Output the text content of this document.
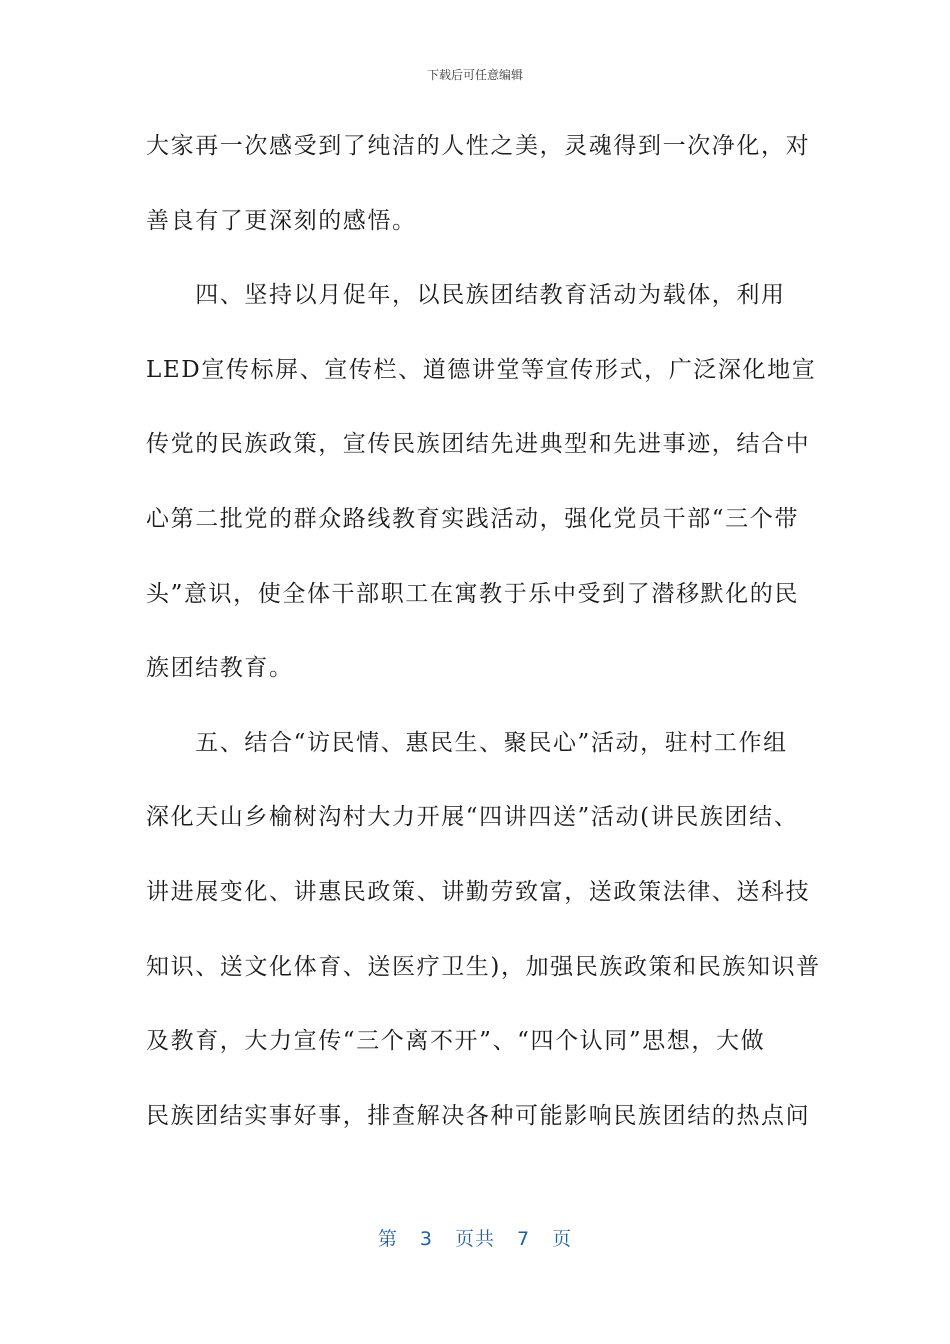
下载后可任意编辑
大家再一次感受到了纯洁的人性之美，灵魂得到一次净化，对
善良有了更深刻的感悟。
　　四、坚持以月促年，以民族团结教育活动为载体，利用
LED宣传标屏、宣传栏、道德讲堂等宣传形式，广泛深化地宣
传党的民族政策，宣传民族团结先进典型和先进事迹，结合中
心第二批党的群众路线教育实践活动，强化党员干部“三个带
头”意识，使全体干部职工在寓教于乐中受到了潜移默化的民
族团结教育。
　　五、结合“访民情、惠民生、聚民心”活动，驻村工作组
深化天山乡榆树沟村大力开展“四讲四送”活动(讲民族团结、
讲进展变化、讲惠民政策、讲勤劳致富，送政策法律、送科技
知识、送文化体育、送医疗卫生)，加强民族政策和民族知识普
及教育，大力宣传“三个离不开”、“四个认同”思想，大做
民族团结实事好事，排查解决各种可能影响民族团结的热点问
第 3 页共 7 页
